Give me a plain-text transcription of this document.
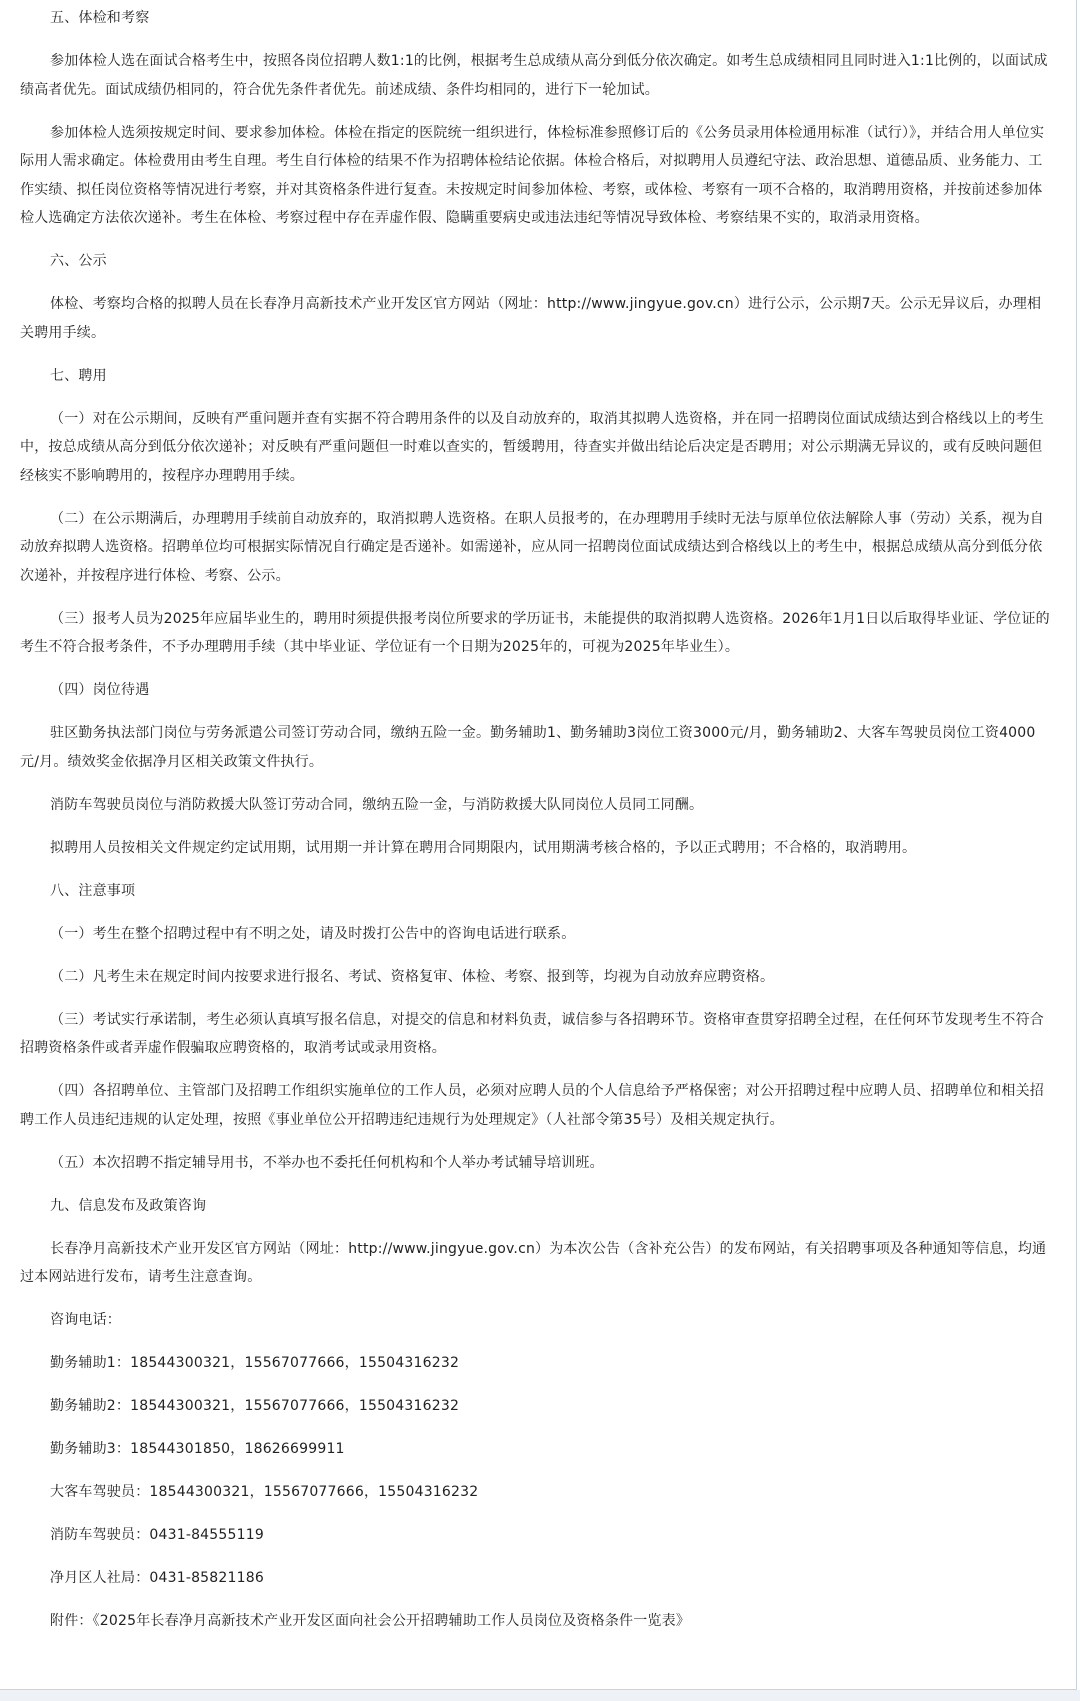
五、体检和考察

参加体检人选在面试合格考生中，按照各岗位招聘人数1:1的比例，根据考生总成绩从高分到低分依次确定。如考生总成绩相同且同时进入1:1比例的，以面试成绩高者优先。面试成绩仍相同的，符合优先条件者优先。前述成绩、条件均相同的，进行下一轮加试。

参加体检人选须按规定时间、要求参加体检。体检在指定的医院统一组织进行，体检标准参照修订后的《公务员录用体检通用标准（试行）》，并结合用人单位实际用人需求确定。体检费用由考生自理。考生自行体检的结果不作为招聘体检结论依据。体检合格后，对拟聘用人员遵纪守法、政治思想、道德品质、业务能力、工作实绩、拟任岗位资格等情况进行考察，并对其资格条件进行复查。未按规定时间参加体检、考察，或体检、考察有一项不合格的，取消聘用资格，并按前述参加体检人选确定方法依次递补。考生在体检、考察过程中存在弄虚作假、隐瞒重要病史或违法违纪等情况导致体检、考察结果不实的，取消录用资格。

六、公示

体检、考察均合格的拟聘人员在长春净月高新技术产业开发区官方网站（网址：http://www.jingyue.gov.cn）进行公示，公示期7天。公示无异议后，办理相关聘用手续。

七、聘用

（一）对在公示期间，反映有严重问题并查有实据不符合聘用条件的以及自动放弃的，取消其拟聘人选资格，并在同一招聘岗位面试成绩达到合格线以上的考生中，按总成绩从高分到低分依次递补；对反映有严重问题但一时难以查实的，暂缓聘用，待查实并做出结论后决定是否聘用；对公示期满无异议的，或有反映问题但经核实不影响聘用的，按程序办理聘用手续。

（二）在公示期满后，办理聘用手续前自动放弃的，取消拟聘人选资格。在职人员报考的，在办理聘用手续时无法与原单位依法解除人事（劳动）关系，视为自动放弃拟聘人选资格。招聘单位均可根据实际情况自行确定是否递补。如需递补，应从同一招聘岗位面试成绩达到合格线以上的考生中，根据总成绩从高分到低分依次递补，并按程序进行体检、考察、公示。

（三）报考人员为2025年应届毕业生的，聘用时须提供报考岗位所要求的学历证书，未能提供的取消拟聘人选资格。2026年1月1日以后取得毕业证、学位证的考生不符合报考条件，不予办理聘用手续（其中毕业证、学位证有一个日期为2025年的，可视为2025年毕业生）。

（四）岗位待遇

驻区勤务执法部门岗位与劳务派遣公司签订劳动合同，缴纳五险一金。勤务辅助1、勤务辅助3岗位工资3000元/月，勤务辅助2、大客车驾驶员岗位工资4000元/月。绩效奖金依据净月区相关政策文件执行。

消防车驾驶员岗位与消防救援大队签订劳动合同，缴纳五险一金，与消防救援大队同岗位人员同工同酬。

拟聘用人员按相关文件规定约定试用期，试用期一并计算在聘用合同期限内，试用期满考核合格的，予以正式聘用；不合格的，取消聘用。

八、注意事项

（一）考生在整个招聘过程中有不明之处，请及时拨打公告中的咨询电话进行联系。

（二）凡考生未在规定时间内按要求进行报名、考试、资格复审、体检、考察、报到等，均视为自动放弃应聘资格。

（三）考试实行承诺制，考生必须认真填写报名信息，对提交的信息和材料负责，诚信参与各招聘环节。资格审查贯穿招聘全过程，在任何环节发现考生不符合招聘资格条件或者弄虚作假骗取应聘资格的，取消考试或录用资格。

（四）各招聘单位、主管部门及招聘工作组织实施单位的工作人员，必须对应聘人员的个人信息给予严格保密；对公开招聘过程中应聘人员、招聘单位和相关招聘工作人员违纪违规的认定处理，按照《事业单位公开招聘违纪违规行为处理规定》（人社部令第35号）及相关规定执行。

（五）本次招聘不指定辅导用书，不举办也不委托任何机构和个人举办考试辅导培训班。

九、信息发布及政策咨询

长春净月高新技术产业开发区官方网站（网址：http://www.jingyue.gov.cn）为本次公告（含补充公告）的发布网站，有关招聘事项及各种通知等信息，均通过本网站进行发布，请考生注意查询。

咨询电话：

勤务辅助1：18544300321，15567077666，15504316232

勤务辅助2：18544300321，15567077666，15504316232

勤务辅助3：18544301850，18626699911

大客车驾驶员：18544300321，15567077666，15504316232

消防车驾驶员：0431-84555119

净月区人社局：0431-85821186

附件：《2025年长春净月高新技术产业开发区面向社会公开招聘辅助工作人员岗位及资格条件一览表》
